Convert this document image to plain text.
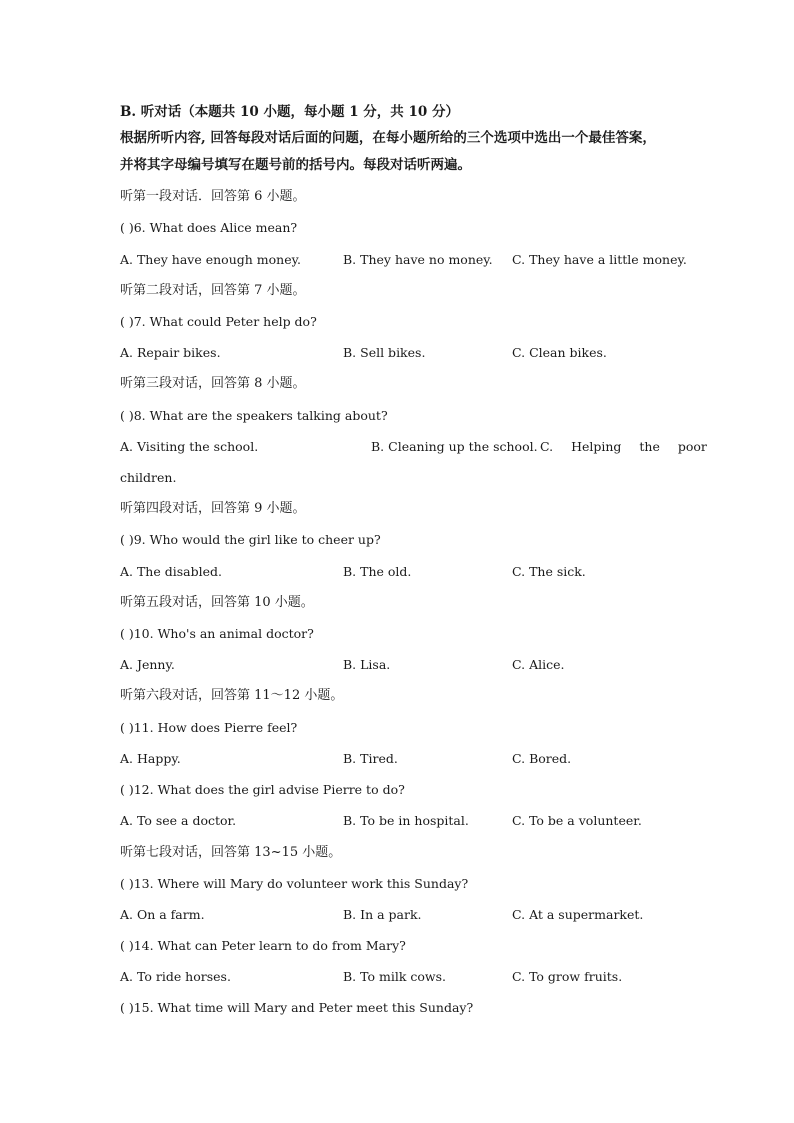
B. 听对话（本题共 10 小题，每小题 1 分，共 10 分）
根据所听内容, 回答每段对话后面的问题，在每小题所给的三个选项中选出一个最佳答案，
并将其字母编号填写在题号前的括号内。每段对话听两遍。
听第一段对话．回答第 6 小题。
( )6. What does Alice mean?
A. They have enough money.	B. They have no money. C. They have a little money.
听第二段对话，回答第 7 小题。
( )7. What could Peter help do?
A. Repair bikes.	B. Sell bikes.	C. Clean bikes.
听第三段对话，回答第 8 小题。
( )8. What are the speakers talking about?
A. Visiting the school.	B. Cleaning up the school. C. Helping the poor
children.
听第四段对话，回答第 9 小题。
( )9. Who would the girl like to cheer up?
A. The disabled.	B. The old.	C. The sick.
听第五段对话，回答第 10 小题。
( )10. Who's an animal doctor?
A. Jenny.	B. Lisa.	C. Alice.
听第六段对话，回答第 11～12 小题。
( )11. How does Pierre feel?
A. Happy.	B. Tired.	C. Bored.
( )12. What does the girl advise Pierre to do?
A. To see a doctor.	B. To be in hospital.	C. To be a volunteer.
听第七段对话，回答第 13~15 小题。
( )13. Where will Mary do volunteer work this Sunday?
A. On a farm.	B. In a park.	C. At a supermarket.
( )14. What can Peter learn to do from Mary?
A. To ride horses.	B. To milk cows.	C. To grow fruits.
( )15. What time will Mary and Peter meet this Sunday?
